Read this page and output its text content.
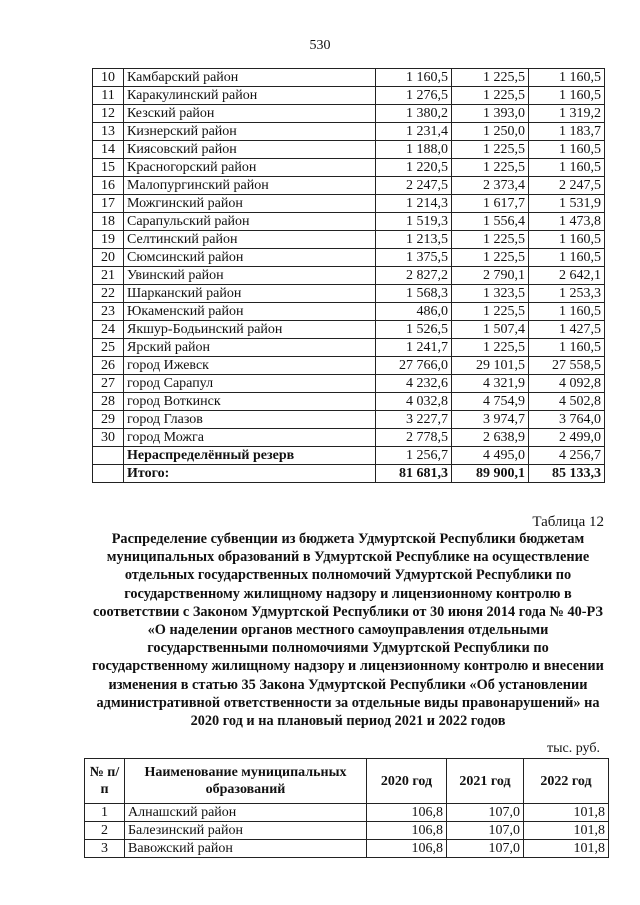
530
10	Камбарский район	1 160,5	1 225,5	1 160,5
11	Каракулинский район	1 276,5	1 225,5	1 160,5
12	Кезский район	1 380,2	1 393,0	1 319,2
13	Кизнерский район	1 231,4	1 250,0	1 183,7
14	Киясовский район	1 188,0	1 225,5	1 160,5
15	Красногорский район	1 220,5	1 225,5	1 160,5
16	Малопургинский район	2 247,5	2 373,4	2 247,5
17	Можгинский район	1 214,3	1 617,7	1 531,9
18	Сарапульский район	1 519,3	1 556,4	1 473,8
19	Селтинский район	1 213,5	1 225,5	1 160,5
20	Сюмсинский район	1 375,5	1 225,5	1 160,5
21	Увинский район	2 827,2	2 790,1	2 642,1
22	Шарканский район	1 568,3	1 323,5	1 253,3
23	Юкаменский район	486,0	1 225,5	1 160,5
24	Якшур-Бодьинский район	1 526,5	1 507,4	1 427,5
25	Ярский район	1 241,7	1 225,5	1 160,5
26	город Ижевск	27 766,0	29 101,5	27 558,5
27	город Сарапул	4 232,6	4 321,9	4 092,8
28	город Воткинск	4 032,8	4 754,9	4 502,8
29	город Глазов	3 227,7	3 974,7	3 764,0
30	город Можга	2 778,5	2 638,9	2 499,0
	Нераспределённый резерв	1 256,7	4 495,0	4 256,7
	Итого:	81 681,3	89 900,1	85 133,3
Таблица 12
Распределение субвенции из бюджета Удмуртской Республики бюджетам муниципальных образований в Удмуртской Республике на осуществление отдельных государственных полномочий Удмуртской Республики по государственному жилищному надзору и лицензионному контролю в соответствии с Законом Удмуртской Республики от 30 июня 2014 года № 40-РЗ «О наделении органов местного самоуправления отдельными государственными полномочиями Удмуртской Республики по государственному жилищному надзору и лицензионному контролю и внесении изменения в статью 35 Закона Удмуртской Республики «Об установлении административной ответственности за отдельные виды правонарушений» на 2020 год и на плановый период 2021 и 2022 годов
тыс. руб.
№ п/п	Наименование муниципальных образований	2020 год	2021 год	2022 год
1	Алнашский район	106,8	107,0	101,8
2	Балезинский район	106,8	107,0	101,8
3	Вавожский район	106,8	107,0	101,8
